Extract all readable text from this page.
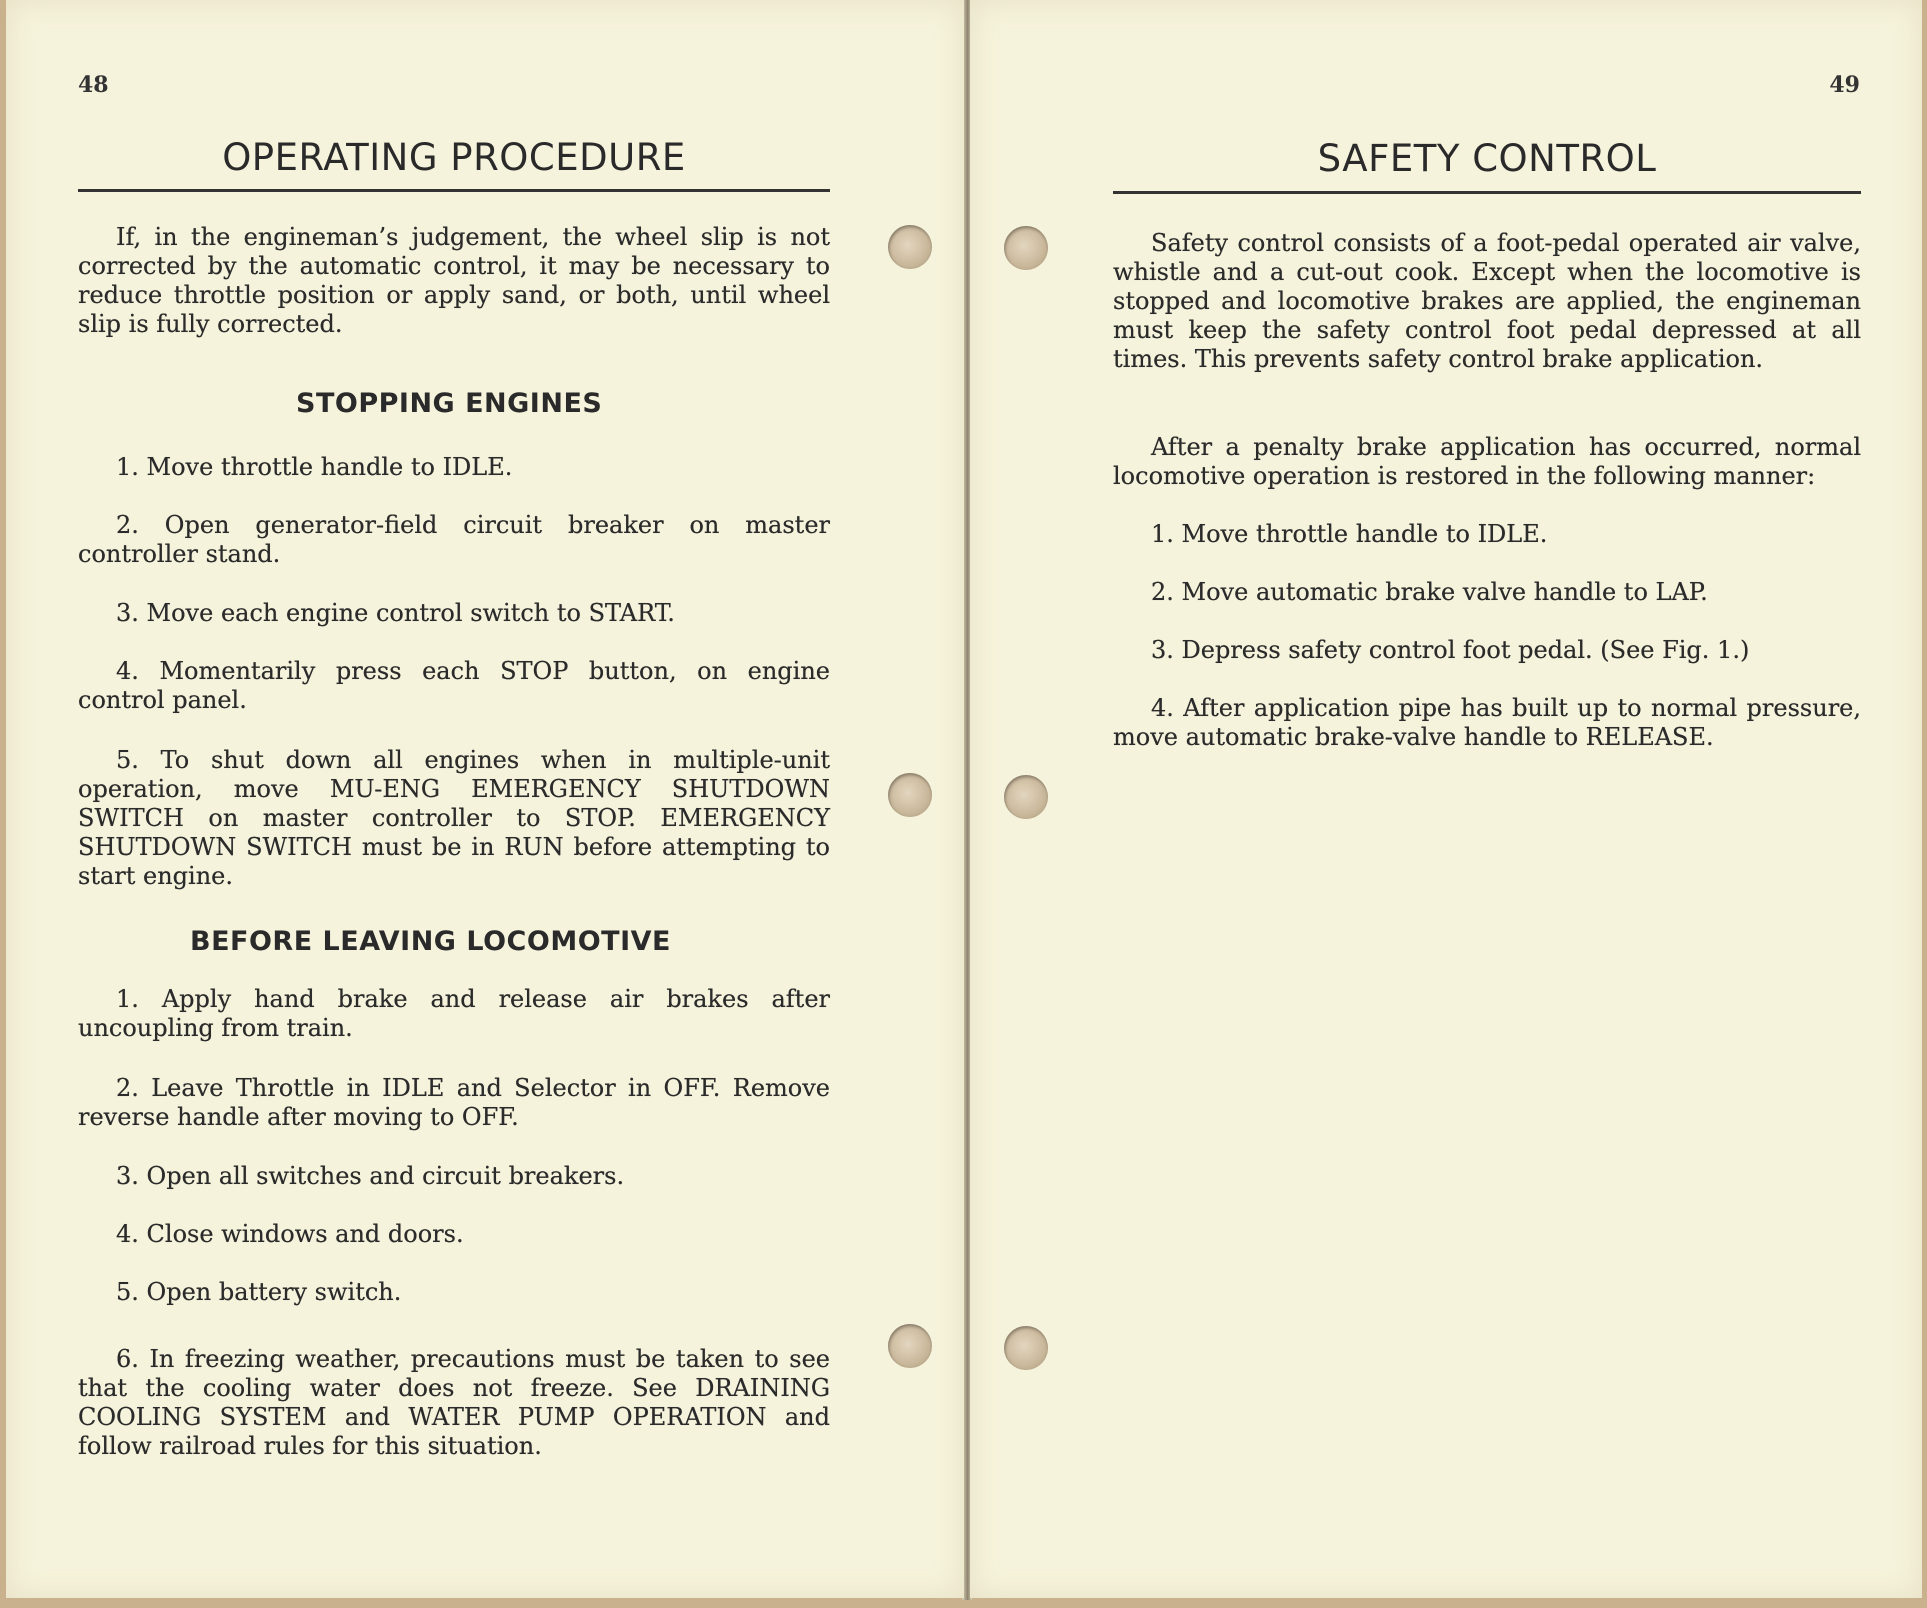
48
OPERATING PROCEDURE

If, in the engineman’s judgement, the wheel slip is not corrected by the automatic control, it may be necessary to reduce throttle position or apply sand, or both, until wheel slip is fully corrected.

STOPPING ENGINES

1. Move throttle handle to IDLE.

2. Open generator-field circuit breaker on master controller stand.

3. Move each engine control switch to START.

4. Momentarily press each STOP button, on engine control panel.

5. To shut down all engines when in multiple-unit operation, move MU-ENG EMERGENCY SHUTDOWN SWITCH on master controller to STOP. EMERGENCY SHUTDOWN SWITCH must be in RUN before attempting to start engine.

BEFORE LEAVING LOCOMOTIVE

1. Apply hand brake and release air brakes after uncoupling from train.

2. Leave Throttle in IDLE and Selector in OFF. Remove reverse handle after moving to OFF.

3. Open all switches and circuit breakers.

4. Close windows and doors.

5. Open battery switch.

6. In freezing weather, precautions must be taken to see that the cooling water does not freeze. See DRAINING COOLING SYSTEM and WATER PUMP OPERATION and follow railroad rules for this situation.

49
SAFETY CONTROL

Safety control consists of a foot-pedal operated air valve, whistle and a cut-out cook. Except when the locomotive is stopped and locomotive brakes are applied, the engineman must keep the safety control foot pedal depressed at all times. This prevents safety control brake application.

After a penalty brake application has occurred, normal locomotive operation is restored in the following manner:

1. Move throttle handle to IDLE.

2. Move automatic brake valve handle to LAP.

3. Depress safety control foot pedal. (See Fig. 1.)

4. After application pipe has built up to normal pressure, move automatic brake-valve handle to RELEASE.
